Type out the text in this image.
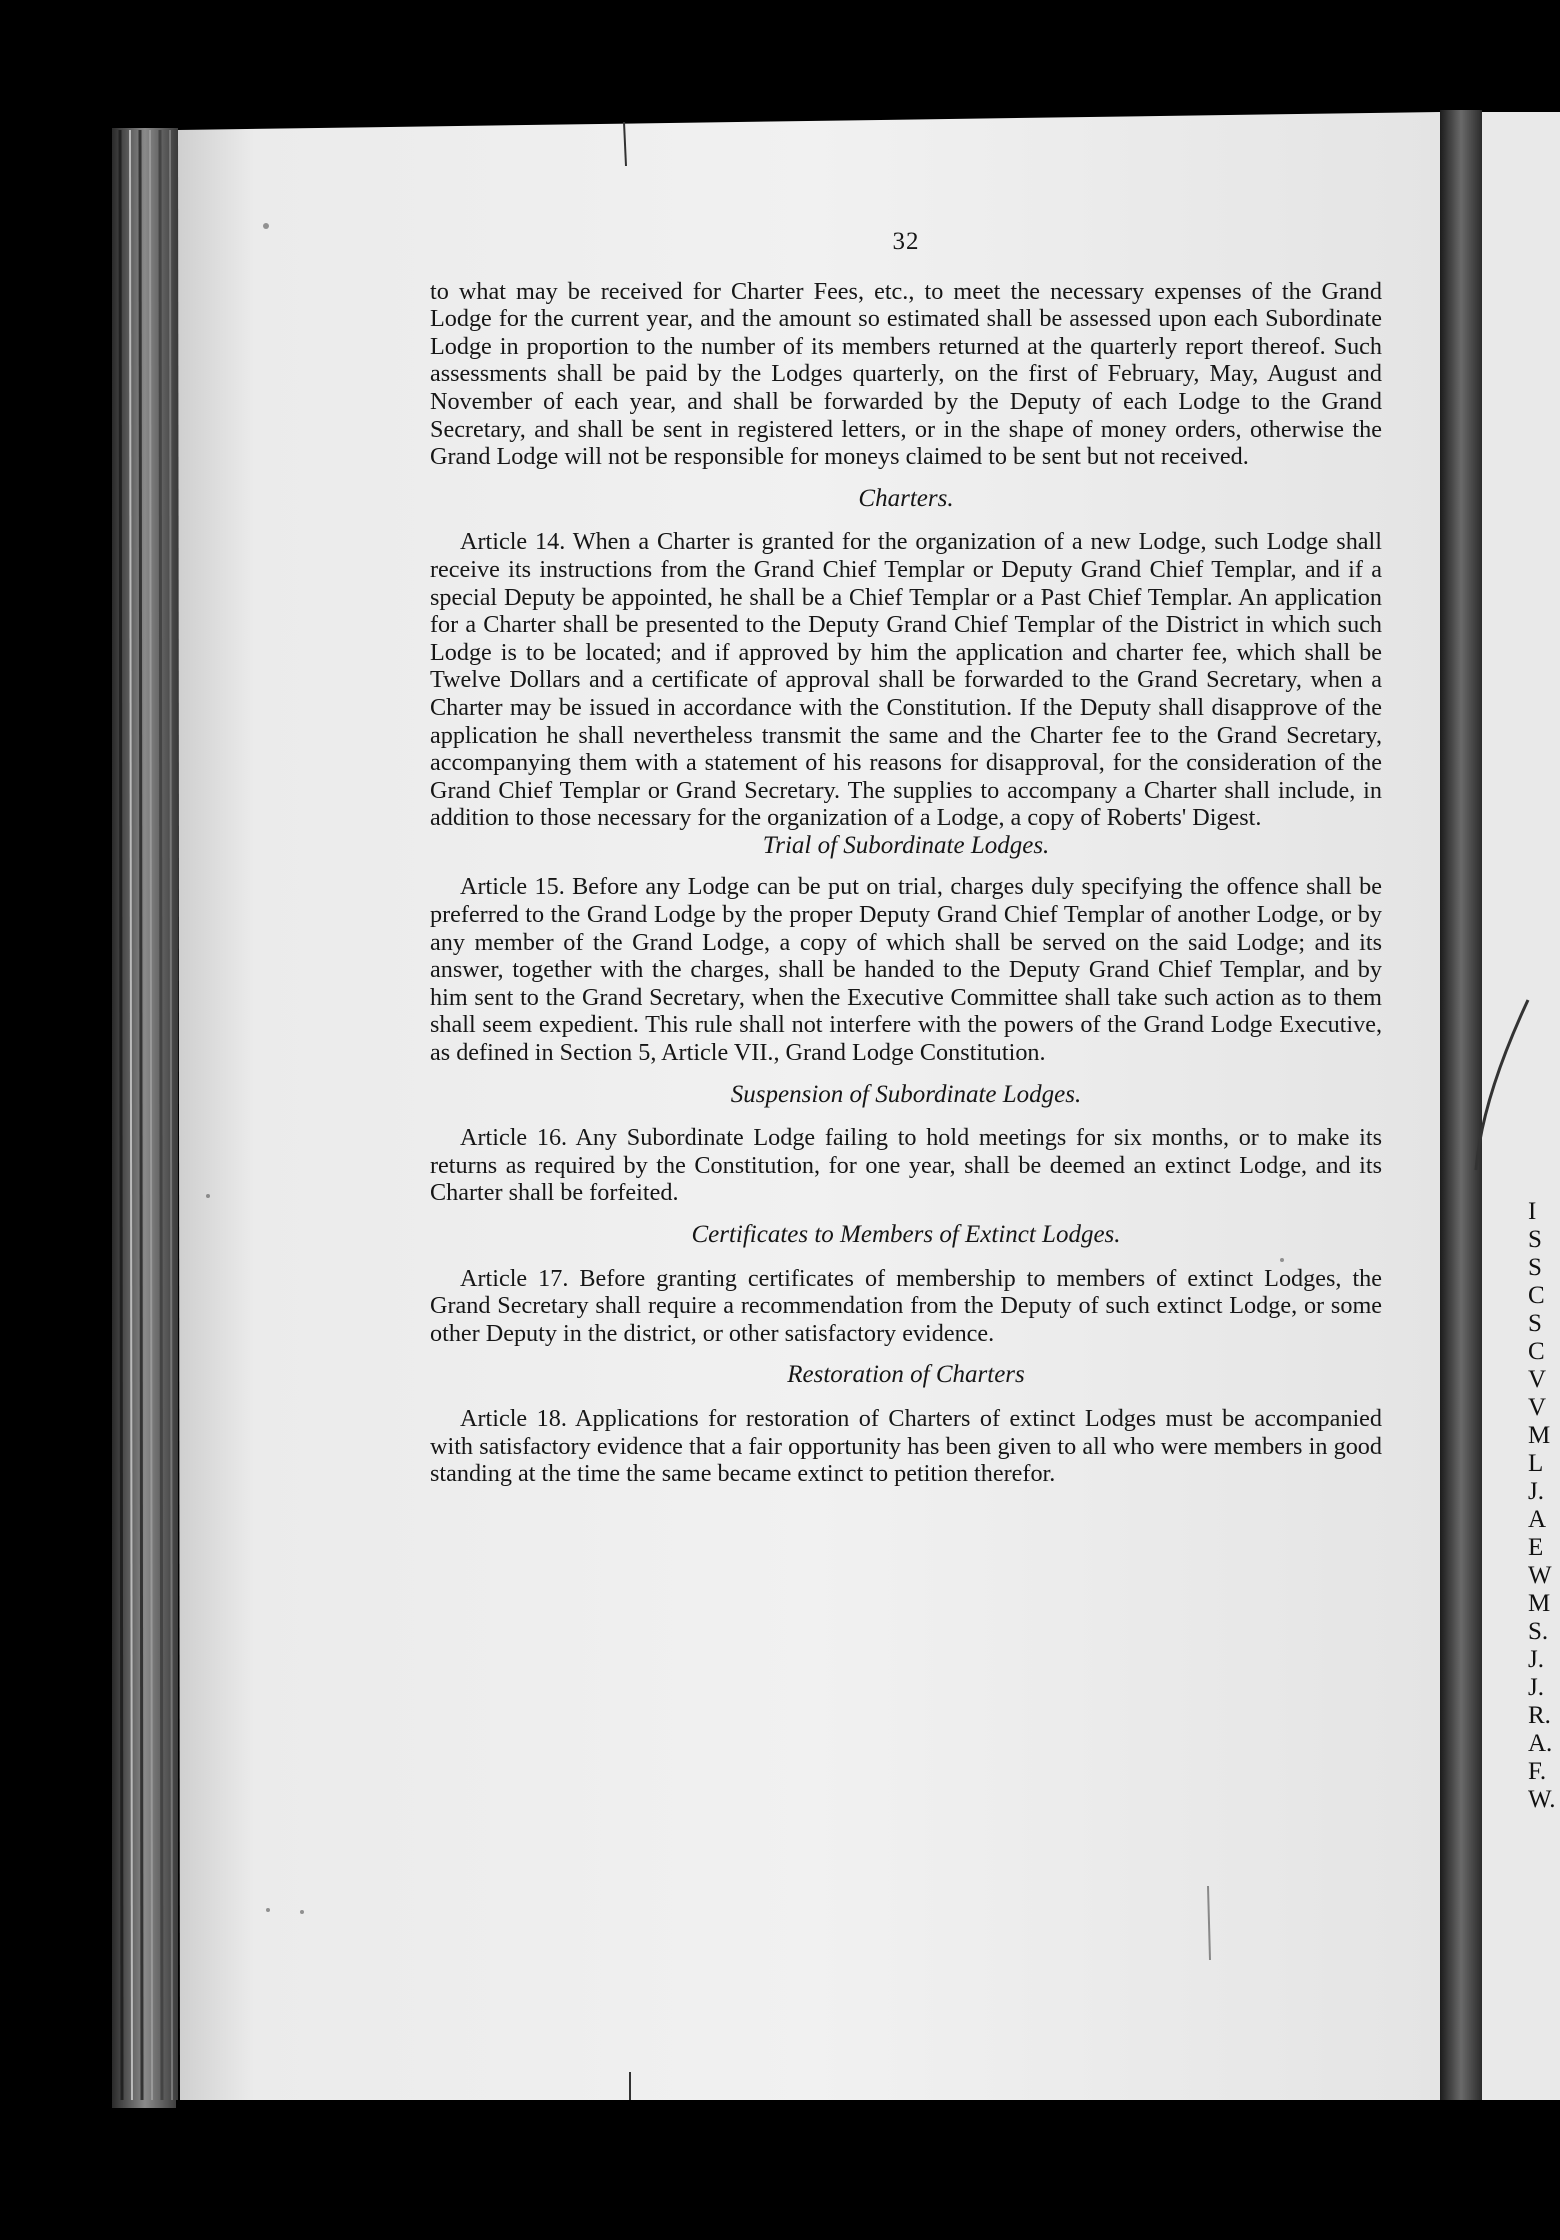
32

to what may be received for Charter Fees, etc., to meet the necessary expenses of the Grand Lodge for the current year, and the amount so estimated shall be assessed upon each Subordinate Lodge in proportion to the number of its members returned at the quarterly report thereof. Such assessments shall be paid by the Lodges quarterly, on the first of February, May, August and November of each year, and shall be forwarded by the Deputy of each Lodge to the Grand Secretary, and shall be sent in registered letters, or in the shape of money orders, otherwise the Grand Lodge will not be responsible for moneys claimed to be sent but not received.

Charters.

Article 14. When a Charter is granted for the organization of a new Lodge, such Lodge shall receive its instructions from the Grand Chief Templar or Deputy Grand Chief Templar, and if a special Deputy be appointed, he shall be a Chief Templar or a Past Chief Templar. An application for a Charter shall be presented to the Deputy Grand Chief Templar of the District in which such Lodge is to be located; and if approved by him the application and charter fee, which shall be Twelve Dollars and a certificate of approval shall be forwarded to the Grand Secretary, when a Charter may be issued in accordance with the Constitution. If the Deputy shall disapprove of the application he shall nevertheless transmit the same and the Charter fee to the Grand Secretary, accompanying them with a statement of his reasons for disapproval, for the consideration of the Grand Chief Templar or Grand Secretary. The supplies to accompany a Charter shall include, in addition to those necessary for the organization of a Lodge, a copy of Roberts' Digest.

Trial of Subordinate Lodges.

Article 15. Before any Lodge can be put on trial, charges duly specifying the offence shall be preferred to the Grand Lodge by the proper Deputy Grand Chief Templar of another Lodge, or by any member of the Grand Lodge, a copy of which shall be served on the said Lodge; and its answer, together with the charges, shall be handed to the Deputy Grand Chief Templar, and by him sent to the Grand Secretary, when the Executive Committee shall take such action as to them shall seem expedient. This rule shall not interfere with the powers of the Grand Lodge Executive, as defined in Section 5, Article VII., Grand Lodge Constitution.

Suspension of Subordinate Lodges.

Article 16. Any Subordinate Lodge failing to hold meetings for six months, or to make its returns as required by the Constitution, for one year, shall be deemed an extinct Lodge, and its Charter shall be forfeited.

Certificates to Members of Extinct Lodges.

Article 17. Before granting certificates of membership to members of extinct Lodges, the Grand Secretary shall require a recommendation from the Deputy of such extinct Lodge, or some other Deputy in the district, or other satisfactory evidence.

Restoration of Charters

Article 18. Applications for restoration of Charters of extinct Lodges must be accompanied with satisfactory evidence that a fair opportunity has been given to all who were members in good standing at the time the same became extinct to petition therefor.

I
S
S
C
S
C
V
V
M
L
J.
A
E
W
M
S.
J.
J.
R.
A.
F.
W.
